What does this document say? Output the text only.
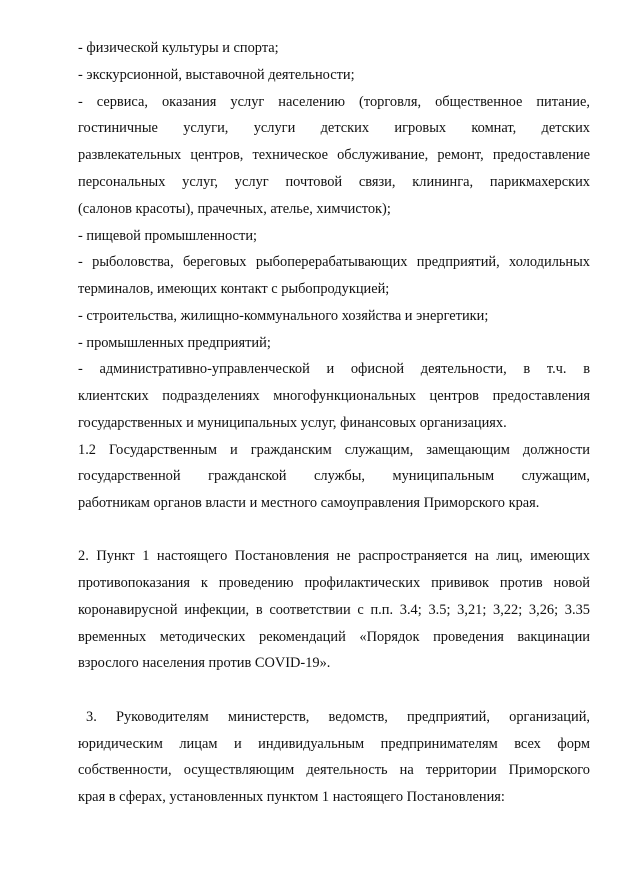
- физической культуры и спорта;
- экскурсионной, выставочной деятельности;
- сервиса, оказания услуг населению (торговля, общественное питание,
гостиничные услуги, услуги детских игровых комнат, детских
развлекательных центров, техническое обслуживание, ремонт, предоставление
персональных услуг, услуг почтовой связи, клининга, парикмахерских
(салонов красоты), прачечных, ателье, химчисток);
- пищевой промышленности;
- рыболовства, береговых рыбоперерабатывающих предприятий, холодильных
терминалов, имеющих контакт с рыбопродукцией;
- строительства, жилищно-коммунального хозяйства и энергетики;
- промышленных предприятий;
- административно-управленческой и офисной деятельности, в т.ч. в
клиентских подразделениях многофункциональных центров предоставления
государственных и муниципальных услуг, финансовых организациях.
1.2 Государственным и гражданским служащим, замещающим должности
государственной гражданской службы, муниципальным служащим,
работникам органов власти и местного самоуправления Приморского края.
2. Пункт 1 настоящего Постановления не распространяется на лиц, имеющих
противопоказания к проведению профилактических прививок против новой
коронавирусной инфекции, в соответствии с п.п. 3.4; 3.5; 3,21; 3,22; 3,26; 3.35
временных методических рекомендаций «Порядок проведения вакцинации
взрослого населения против COVID-19».
3. Руководителям министерств, ведомств, предприятий, организаций,
юридическим лицам и индивидуальным предпринимателям всех форм
собственности, осуществляющим деятельность на территории Приморского
края в сферах, установленных пунктом 1 настоящего Постановления:
